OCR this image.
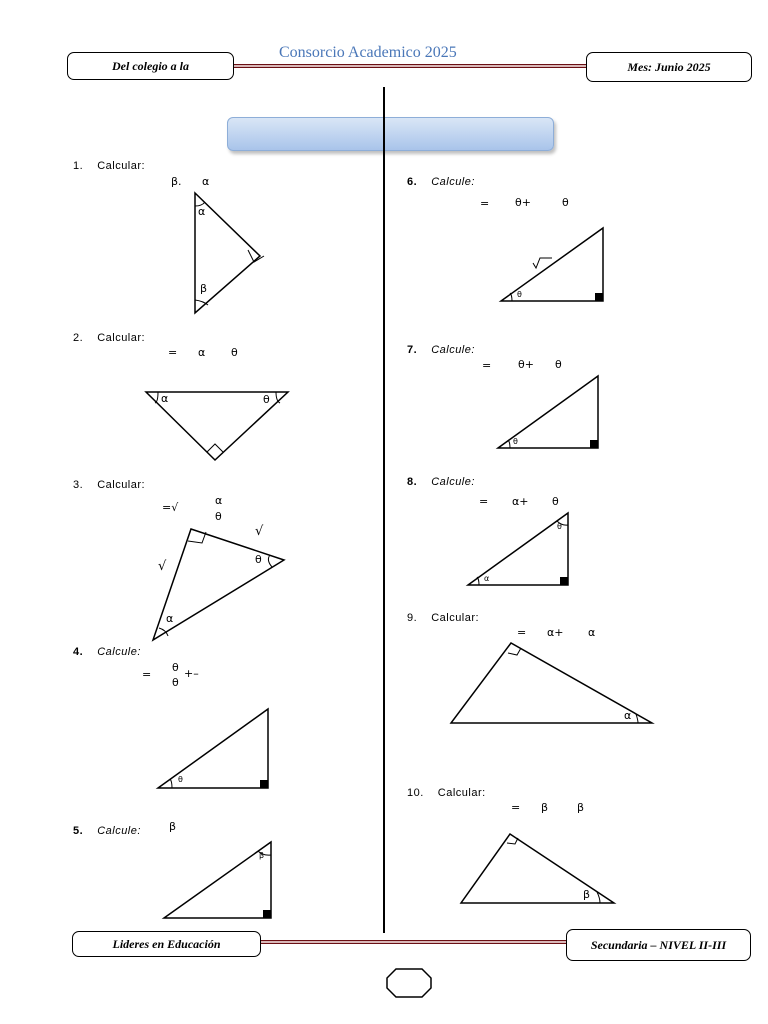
Consorcio Academico 2025
Del colegio a la	Mes: Junio 2025
1. Calcular:
β. α
2. Calcular:
= α θ
3. Calcular:
=√
α
θ
4. Calcule:
=
θ
θ
+–
5. Calcule:	β
6. Calcule:
= θ+	θ
7. Calcule:
= θ+ θ
8. Calcule:
= α+ θ
9. Calcular:
= α+ α
10. Calcular:
= β	β
α
β
α	θ
θ
α
√
√
θ
β
θ
θ
θ
α
α
β
Lideres en Educación	Secundaria – NIVEL II-III
